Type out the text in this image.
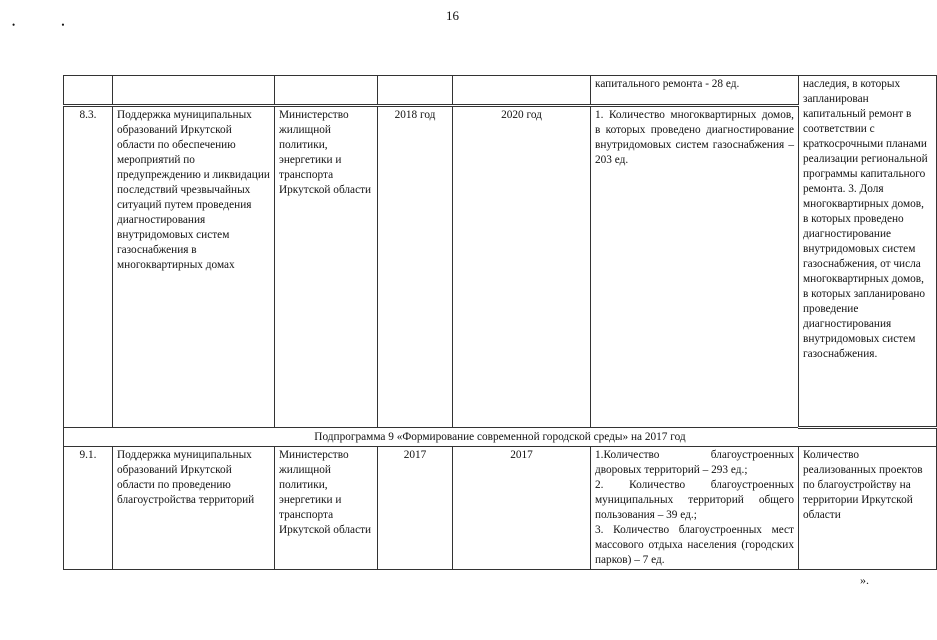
16
• •
					капитального ремонта - 28 ед.	наследия, в которых запланирован капитальный ремонт в соответствии с краткосрочными планами реализации региональной программы капитального ремонта. 3. Доля многоквартирных домов, в которых проведено диагностирование внутридомовых систем газоснабжения, от числа многоквартирных домов, в которых запланировано проведение диагностирования внутридомовых систем газоснабжения.
8.3.	Поддержка муниципальных образований Иркутской области по обеспечению мероприятий по предупреждению и ликвидации последствий чрезвычайных ситуаций путем проведения диагностирования внутридомовых систем газоснабжения в многоквартирных домах	Министерство жилищной политики, энергетики и транспорта Иркутской области	2018 год	2020 год	1. Количество многоквартирных домов, в которых проведено диагностирование внутридомовых систем газоснабжения – 203 ед.	
Подпрограмма 9 «Формирование современной городской среды» на 2017 год						
9.1.	Поддержка муниципальных образований Иркутской области по проведению благоустройства территорий	Министерство жилищной политики, энергетики и транспорта Иркутской области	2017	2017	1.Количество благоустроенных дворовых территорий – 293 ед.;
2. Количество благоустроенных муниципальных территорий общего пользования – 39 ед.;
3. Количество благоустроенных мест массового отдыха населения (городских парков) – 7 ед.	Количество реализованных проектов по благоустройству на территории Иркутской области
».
